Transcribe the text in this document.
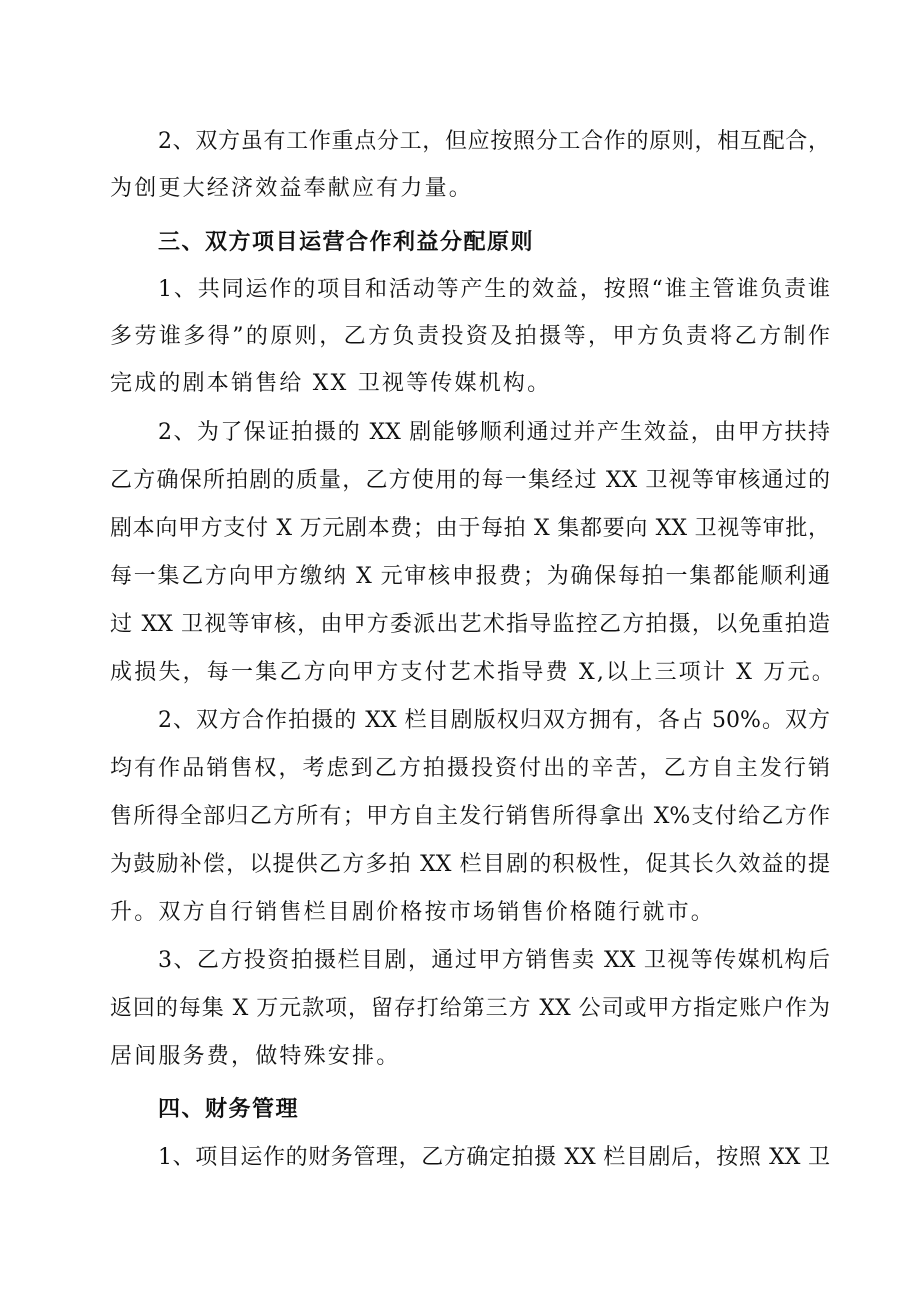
2、双方虽有工作重点分工，但应按照分工合作的原则，相互配合，
为创更大经济效益奉献应有力量。
三、双方项目运营合作利益分配原则
1、共同运作的项目和活动等产生的效益，按照“谁主管谁负责谁
多劳谁多得”的原则，乙方负责投资及拍摄等，甲方负责将乙方制作
完成的剧本销售给 XX 卫视等传媒机构。
2、为了保证拍摄的 XX 剧能够顺利通过并产生效益，由甲方扶持
乙方确保所拍剧的质量，乙方使用的每一集经过 XX 卫视等审核通过的
剧本向甲方支付 X 万元剧本费；由于每拍 X 集都要向 XX 卫视等审批，
每一集乙方向甲方缴纳 X 元审核申报费；为确保每拍一集都能顺利通
过 XX 卫视等审核，由甲方委派出艺术指导监控乙方拍摄，以免重拍造
成损失，每一集乙方向甲方支付艺术指导费 X,以上三项计 X 万元。
2、双方合作拍摄的 XX 栏目剧版权归双方拥有，各占 50%。双方
均有作品销售权，考虑到乙方拍摄投资付出的辛苦，乙方自主发行销
售所得全部归乙方所有；甲方自主发行销售所得拿出 X%支付给乙方作
为鼓励补偿，以提供乙方多拍 XX 栏目剧的积极性，促其长久效益的提
升。双方自行销售栏目剧价格按市场销售价格随行就市。
3、乙方投资拍摄栏目剧，通过甲方销售卖 XX 卫视等传媒机构后
返回的每集 X 万元款项，留存打给第三方 XX 公司或甲方指定账户作为
居间服务费，做特殊安排。
四、财务管理
1、项目运作的财务管理，乙方确定拍摄 XX 栏目剧后，按照 XX 卫
